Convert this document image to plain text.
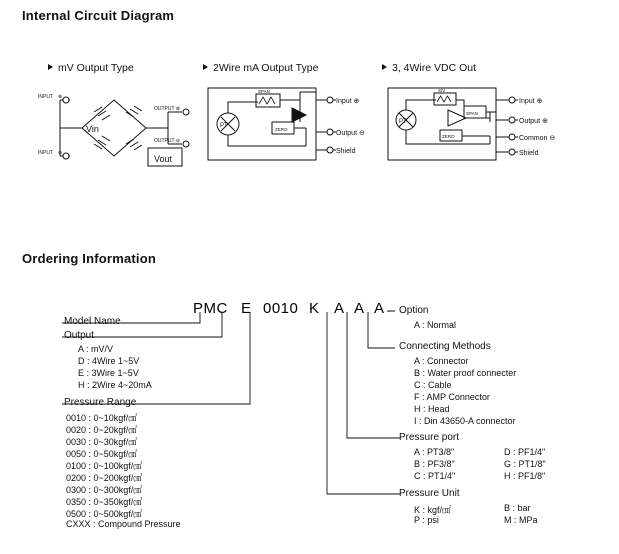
Internal Circuit Diagram
mV Output Type	2Wire mA Output Type	3, 4Wire VDC Out
INPUT ⊕
INPUT ⊖
OUTPUT ⊕
OUTPUT ⊖
Vin
Vout
PT
SPAN
ZERO
Input ⊕
Output ⊖
Shield
PT
S/V
SPAN
ZERO
Input ⊕
Output ⊕
Common ⊖
Shield
Ordering Information
PMC E 0010 K A A A
Model Name
Output
A : mV/V
D : 4Wire 1~5V
E : 3Wire 1~5V
H : 2Wire 4~20mA
Pressure Range
0010 : 0~10kgf/㎠
0020 : 0~20kgf/㎠
0030 : 0~30kgf/㎠
0050 : 0~50kgf/㎠
0100 : 0~100kgf/㎠
0200 : 0~200kgf/㎠
0300 : 0~300kgf/㎠
0350 : 0~350kgf/㎠
0500 : 0~500kgf/㎠
CXXX : Compound Pressure
Option
A : Normal
Connecting Methods
A : Connector
B : Water proof connecter
C : Cable
F : AMP Connector
H : Head
I : Din 43650-A connector
Pressure port
A : PT3/8"
B : PF3/8"
C : PT1/4"
D : PF1/4"
G : PT1/8"
H : PF1/8"
Pressure Unit
K : kgf/㎠
P : psi
B : bar
M : MPa
